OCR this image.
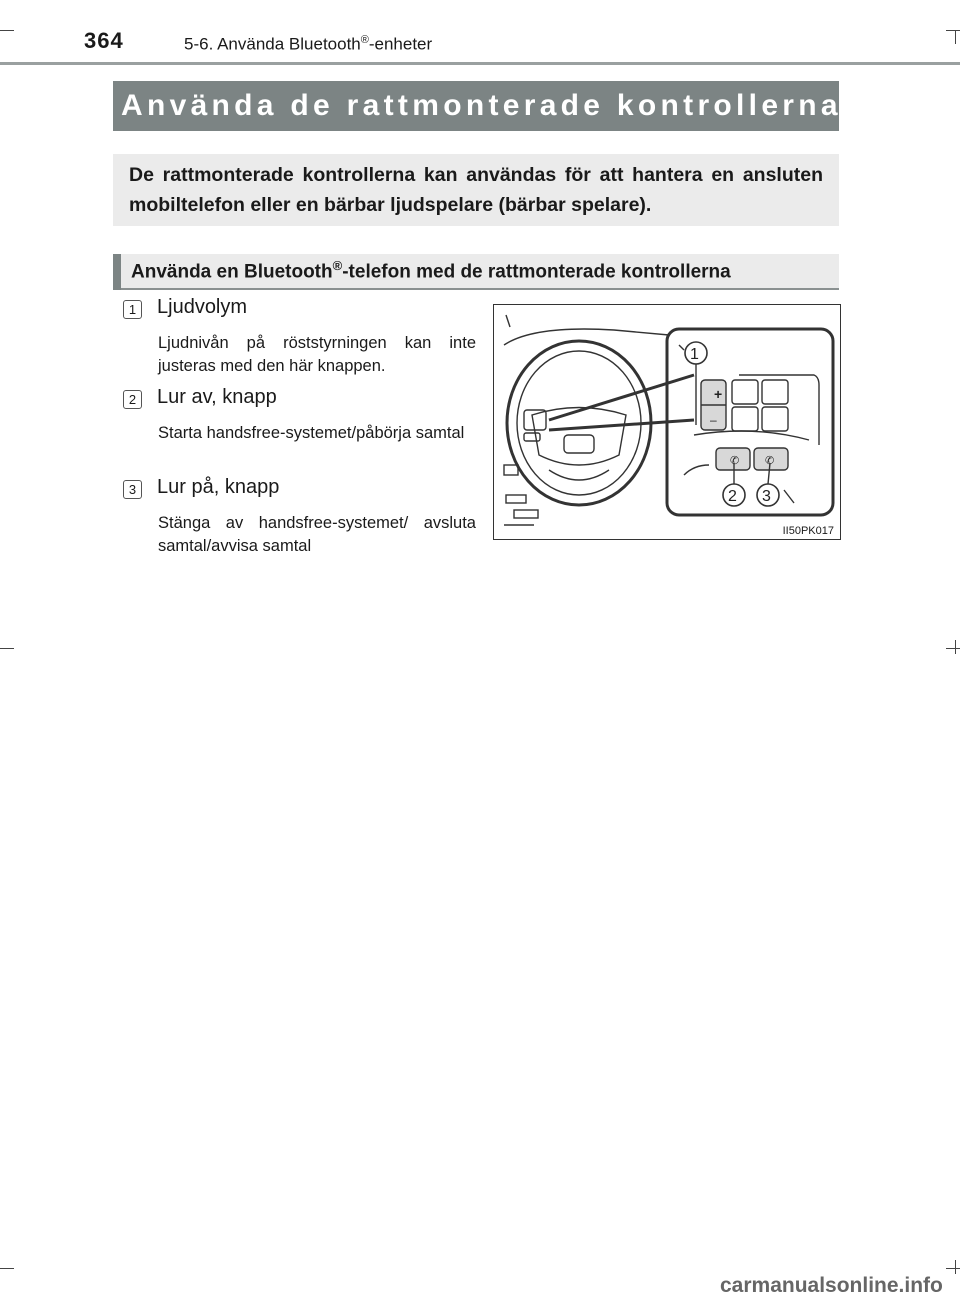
364	5-6. Använda Bluetooth®-enheter
Använda de rattmonterade kontrollerna
De rattmonterade kontrollerna kan användas för att hantera en ansluten mobiltelefon eller en bärbar ljudspelare (bärbar spelare).
Använda en Bluetooth®-telefon med de rattmonterade kontrollerna
1 Ljudvolym
Ljudnivån på röststyrningen kan inte justeras med den här knappen.
2 Lur av, knapp
Starta handsfree-systemet/påbörja samtal
3 Lur på, knapp
Stänga av handsfree-systemet/ avsluta samtal/avvisa samtal
+
–
✆ ✆
1
2 3
II50PK017
carmanualsonline.info
